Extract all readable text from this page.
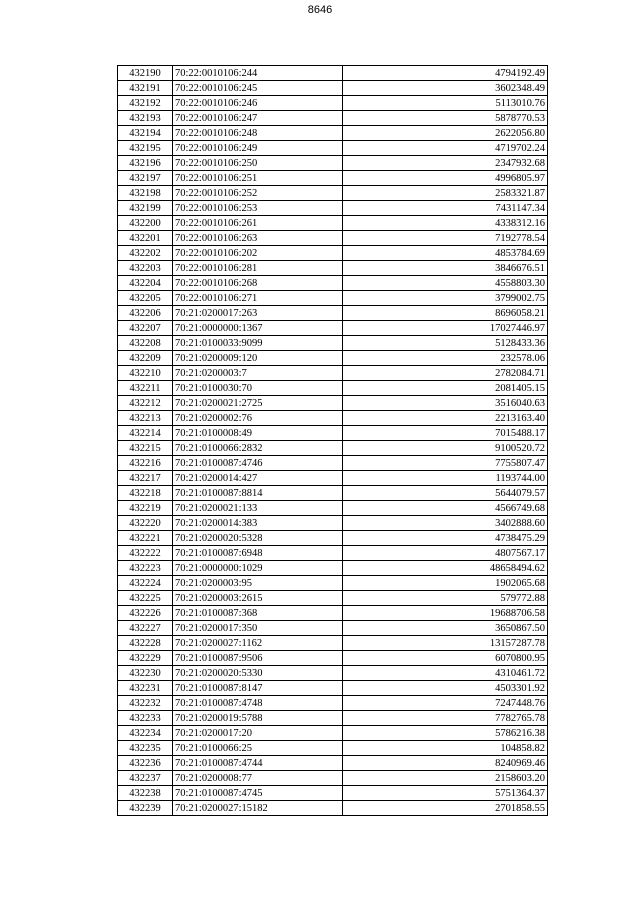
8646
432190	70:22:0010106:244	4794192.49
432191	70:22:0010106:245	3602348.49
432192	70:22:0010106:246	5113010.76
432193	70:22:0010106:247	5878770.53
432194	70:22:0010106:248	2622056.80
432195	70:22:0010106:249	4719702.24
432196	70:22:0010106:250	2347932.68
432197	70:22:0010106:251	4996805.97
432198	70:22:0010106:252	2583321.87
432199	70:22:0010106:253	7431147.34
432200	70:22:0010106:261	4338312.16
432201	70:22:0010106:263	7192778.54
432202	70:22:0010106:202	4853784.69
432203	70:22:0010106:281	3846676.51
432204	70:22:0010106:268	4558803.30
432205	70:22:0010106:271	3799002.75
432206	70:21:0200017:263	8696058.21
432207	70:21:0000000:1367	17027446.97
432208	70:21:0100033:9099	5128433.36
432209	70:21:0200009:120	232578.06
432210	70:21:0200003:7	2782084.71
432211	70:21:0100030:70	2081405.15
432212	70:21:0200021:2725	3516040.63
432213	70:21:0200002:76	2213163.40
432214	70:21:0100008:49	7015488.17
432215	70:21:0100066:2832	9100520.72
432216	70:21:0100087:4746	7755807.47
432217	70:21:0200014:427	1193744.00
432218	70:21:0100087:8814	5644079.57
432219	70:21:0200021:133	4566749.68
432220	70:21:0200014:383	3402888.60
432221	70:21:0200020:5328	4738475.29
432222	70:21:0100087:6948	4807567.17
432223	70:21:0000000:1029	48658494.62
432224	70:21:0200003:95	1902065.68
432225	70:21:0200003:2615	579772.88
432226	70:21:0100087:368	19688706.58
432227	70:21:0200017:350	3650867.50
432228	70:21:0200027:1162	13157287.78
432229	70:21:0100087:9506	6070800.95
432230	70:21:0200020:5330	4310461.72
432231	70:21:0100087:8147	4503301.92
432232	70:21:0100087:4748	7247448.76
432233	70:21:0200019:5788	7782765.78
432234	70:21:0200017:20	5786216.38
432235	70:21:0100066:25	104858.82
432236	70:21:0100087:4744	8240969.46
432237	70:21:0200008:77	2158603.20
432238	70:21:0100087:4745	5751364.37
432239	70:21:0200027:15182	2701858.55
